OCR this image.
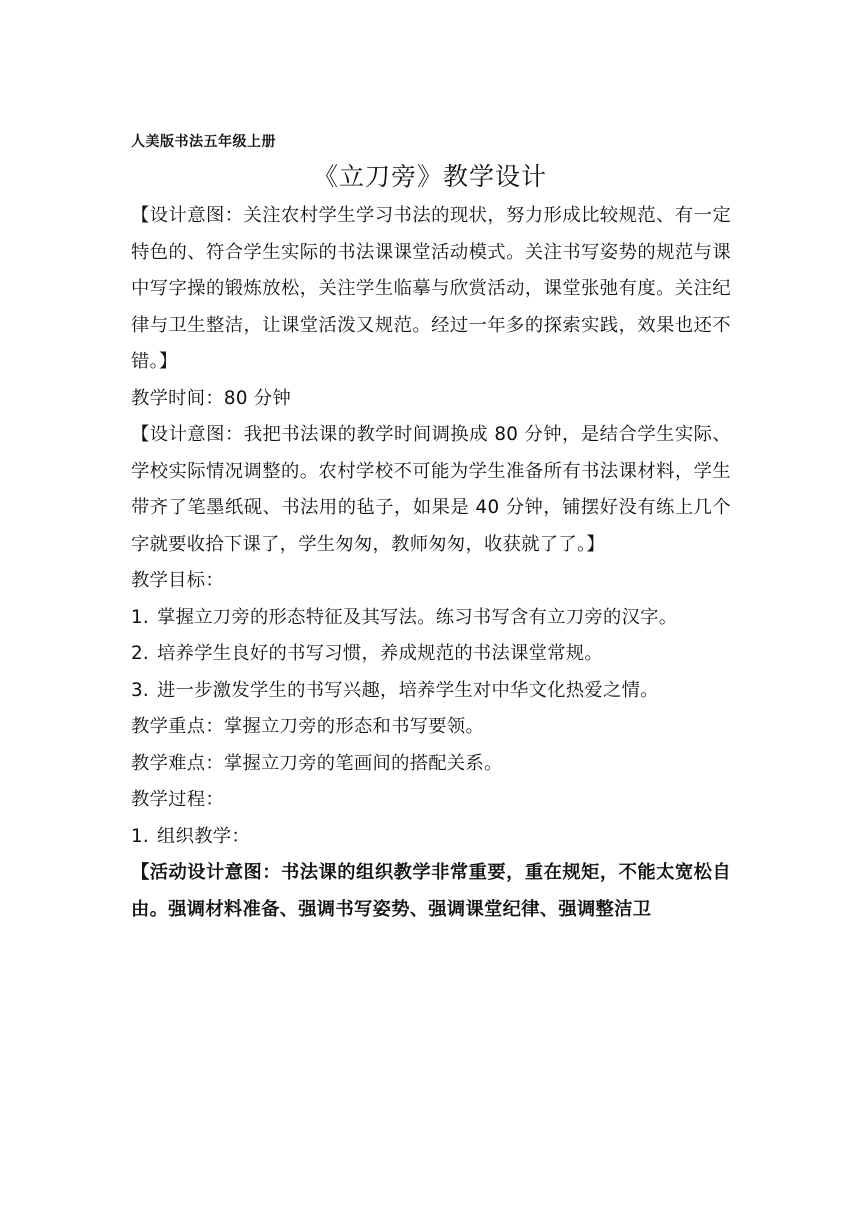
人美版书法五年级上册
《立刀旁》教学设计

【设计意图：关注农村学生学习书法的现状，努力形成比较规范、有一定特色的、符合学生实际的书法课课堂活动模式。关注书写姿势的规范与课中写字操的锻炼放松，关注学生临摹与欣赏活动，课堂张弛有度。关注纪律与卫生整洁，让课堂活泼又规范。经过一年多的探索实践，效果也还不错。】

教学时间：80 分钟

【设计意图：我把书法课的教学时间调换成 80 分钟，是结合学生实际、学校实际情况调整的。农村学校不可能为学生准备所有书法课材料，学生带齐了笔墨纸砚、书法用的毡子，如果是 40 分钟，铺摆好没有练上几个字就要收拾下课了，学生匆匆，教师匆匆，收获就了了。】

教学目标：

1. 掌握立刀旁的形态特征及其写法。练习书写含有立刀旁的汉字。

2. 培养学生良好的书写习惯，养成规范的书法课堂常规。

3. 进一步激发学生的书写兴趣，培养学生对中华文化热爱之情。

教学重点：掌握立刀旁的形态和书写要领。

教学难点：掌握立刀旁的笔画间的搭配关系。

教学过程：

1. 组织教学：

【活动设计意图：书法课的组织教学非常重要，重在规矩，不能太宽松自由。强调材料准备、强调书写姿势、强调课堂纪律、强调整洁卫
